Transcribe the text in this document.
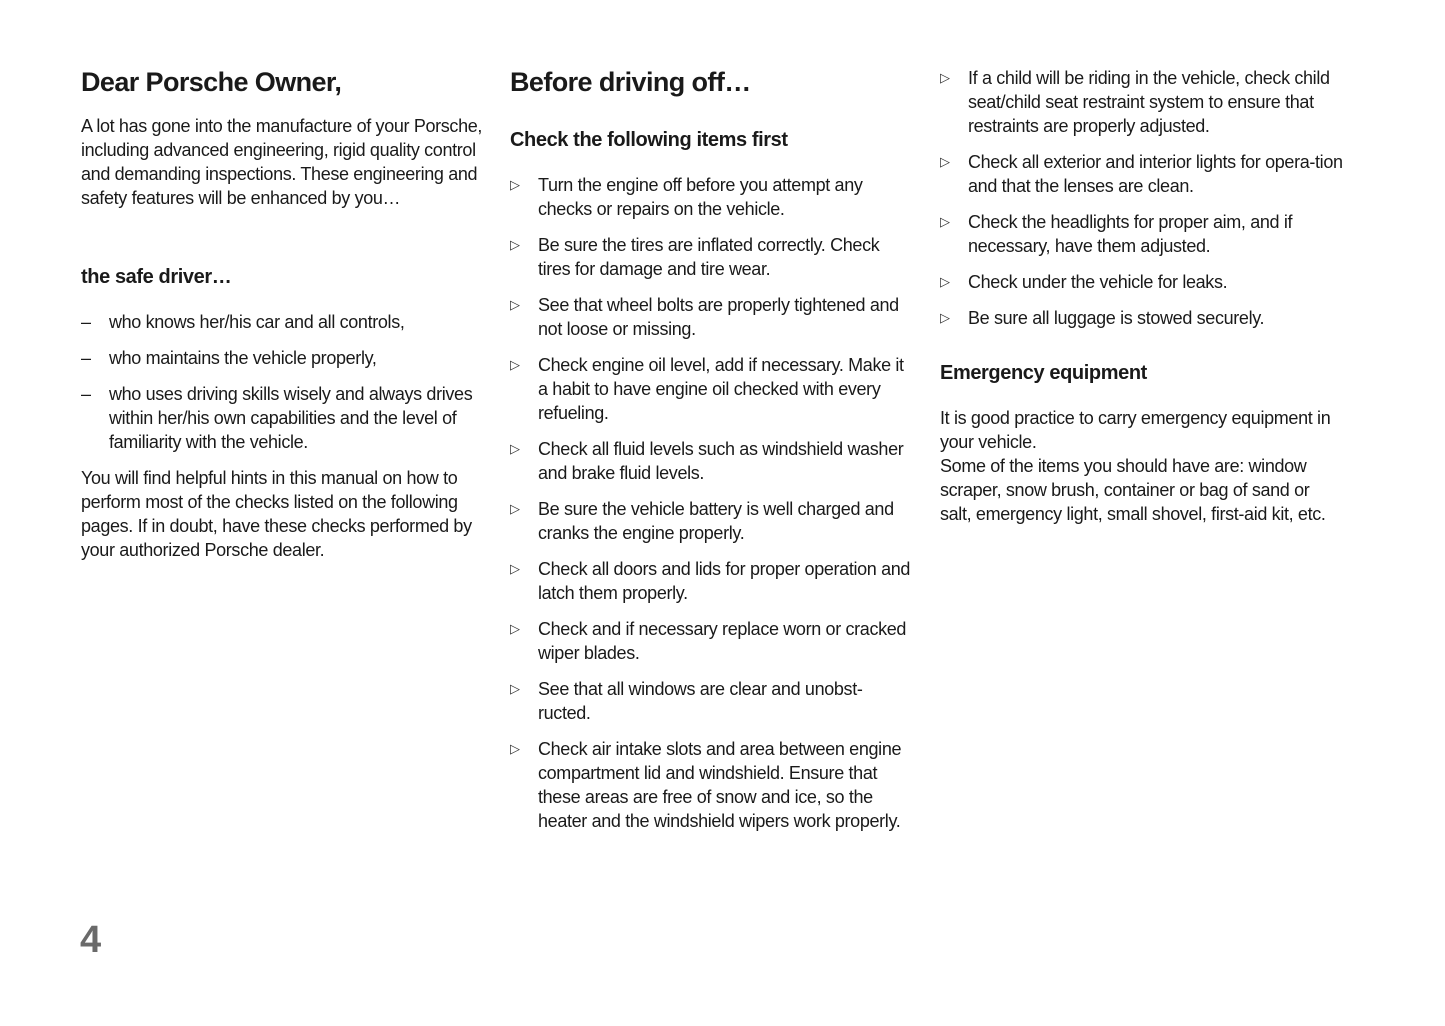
Dear Porsche Owner,

A lot has gone into the manufacture of your Porsche, including advanced engineering, rigid quality control and demanding inspections. These engineering and safety features will be enhanced by you…

the safe driver…
– who knows her/his car and all controls,
– who maintains the vehicle properly,
– who uses driving skills wisely and always drives within her/his own capabilities and the level of familiarity with the vehicle.

You will find helpful hints in this manual on how to perform most of the checks listed on the following pages. If in doubt, have these checks performed by your authorized Porsche dealer.

Before driving off…
Check the following items first
▷ Turn the engine off before you attempt any checks or repairs on the vehicle.
▷ Be sure the tires are inflated correctly. Check tires for damage and tire wear.
▷ See that wheel bolts are properly tightened and not loose or missing.
▷ Check engine oil level, add if necessary. Make it a habit to have engine oil checked with every refueling.
▷ Check all fluid levels such as windshield washer and brake fluid levels.
▷ Be sure the vehicle battery is well charged and cranks the engine properly.
▷ Check all doors and lids for proper operation and latch them properly.
▷ Check and if necessary replace worn or cracked wiper blades.
▷ See that all windows are clear and unobst-ructed.
▷ Check air intake slots and area between engine compartment lid and windshield. Ensure that these areas are free of snow and ice, so the heater and the windshield wipers work properly.
▷ If a child will be riding in the vehicle, check child seat/child seat restraint system to ensure that restraints are properly adjusted.
▷ Check all exterior and interior lights for opera-tion and that the lenses are clean.
▷ Check the headlights for proper aim, and if necessary, have them adjusted.
▷ Check under the vehicle for leaks.
▷ Be sure all luggage is stowed securely.
Emergency equipment

It is good practice to carry emergency equipment in your vehicle.

Some of the items you should have are: window scraper, snow brush, container or bag of sand or salt, emergency light, small shovel, first-aid kit, etc.

4
